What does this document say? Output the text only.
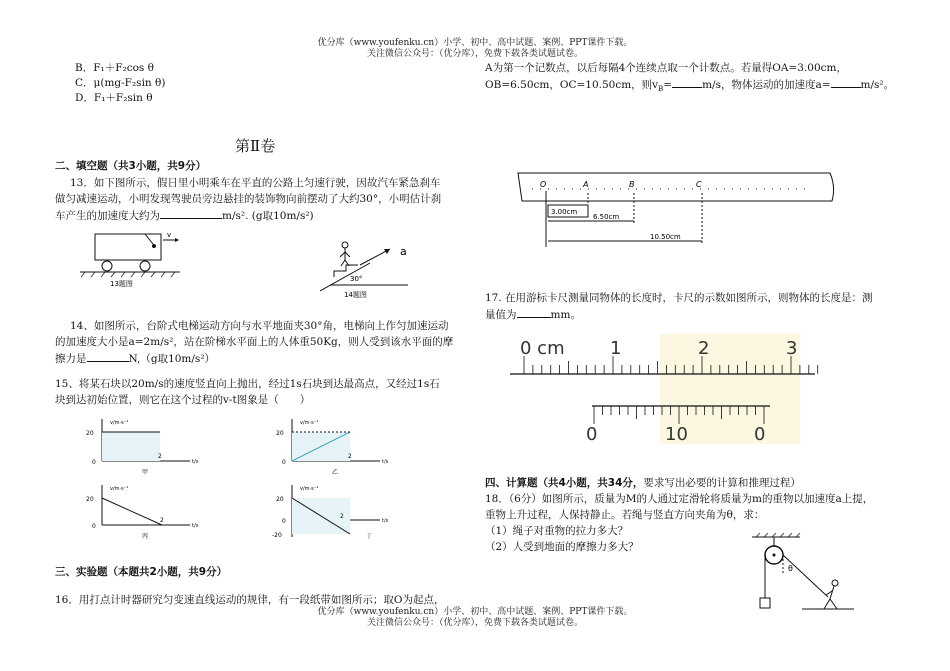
优分库（www.youfenku.cn）小学、初中、高中试题、案例、PPT课件下载。
关注微信公众号：（优分库），免费下载各类试题试卷。
B．F₁＋F₂cos θ
C．μ(mg-F₂sin θ)
D．F₁＋F₂sin θ
第Ⅱ卷
二、填空题（共3小题，共9分）
13．如下图所示，假日里小明乘车在平直的公路上匀速行驶，因故汽车紧急刹车
做匀减速运动，小明发现驾驶员旁边悬挂的装饰物向前摆动了大约30°，小明估计刹
车产生的加速度大约为	m/s². (g取10m/s²)
v
13题图
a
30°
14题图
14、如图所示，台阶式电梯运动方向与水平地面夹30°角，电梯向上作匀加速运动
的加速度大小是a=2m/s²，站在阶梯水平面上的人体重50Kg，则人受到该水平面的摩
擦力是	N,（g取10m/s²）
15、将某石块以20m/s的速度竖直向上抛出，经过1s石块到达最高点，又经过1s石
块到达初始位置，则它在这个过程的v-t图象是（　　）
v/m·s⁻¹
t/s
20
0
2
甲
v/m·s⁻¹
t/s
20
0
2
乙
v/m·s⁻¹
t/s
20
0
2
丙
v/m·s⁻¹
t/s
20
0
-20
2
丁
三、实验题（本题共2小题，共9分）
16．用打点计时器研究匀变速直线运动的规律，有一段纸带如图所示；取O为起点，
A为第一个记数点，以后每隔4个连续点取一个计数点。若量得OA=3.00cm，
OB=6.50cm，OC=10.50cm，则$v_B=$	m/s，物体运动的加速度a=	m/s²。
O	A	B	C
3.00cm
6.50cm
10.50cm
17. 在用游标卡尺测量同物体的长度时，卡尺的示数如图所示，则物体的长度是：测
量值为	mm。
0 cm	1	2	3
0	10	0
四、计算题（共4小题，共34分，要求写出必要的计算和推理过程）
18．（6分）如图所示，质量为M的人通过定滑轮将质量为m的重物以加速度a上提，
重物上升过程，人保持静止。若绳与竖直方向夹角为θ，求：
（1）绳子对重物的拉力多大？
（2）人受到地面的摩擦力多大？
θ
优分库（www.youfenku.cn）小学、初中、高中试题、案例、PPT课件下载。
关注微信公众号：（优分库），免费下载各类试题试卷。
